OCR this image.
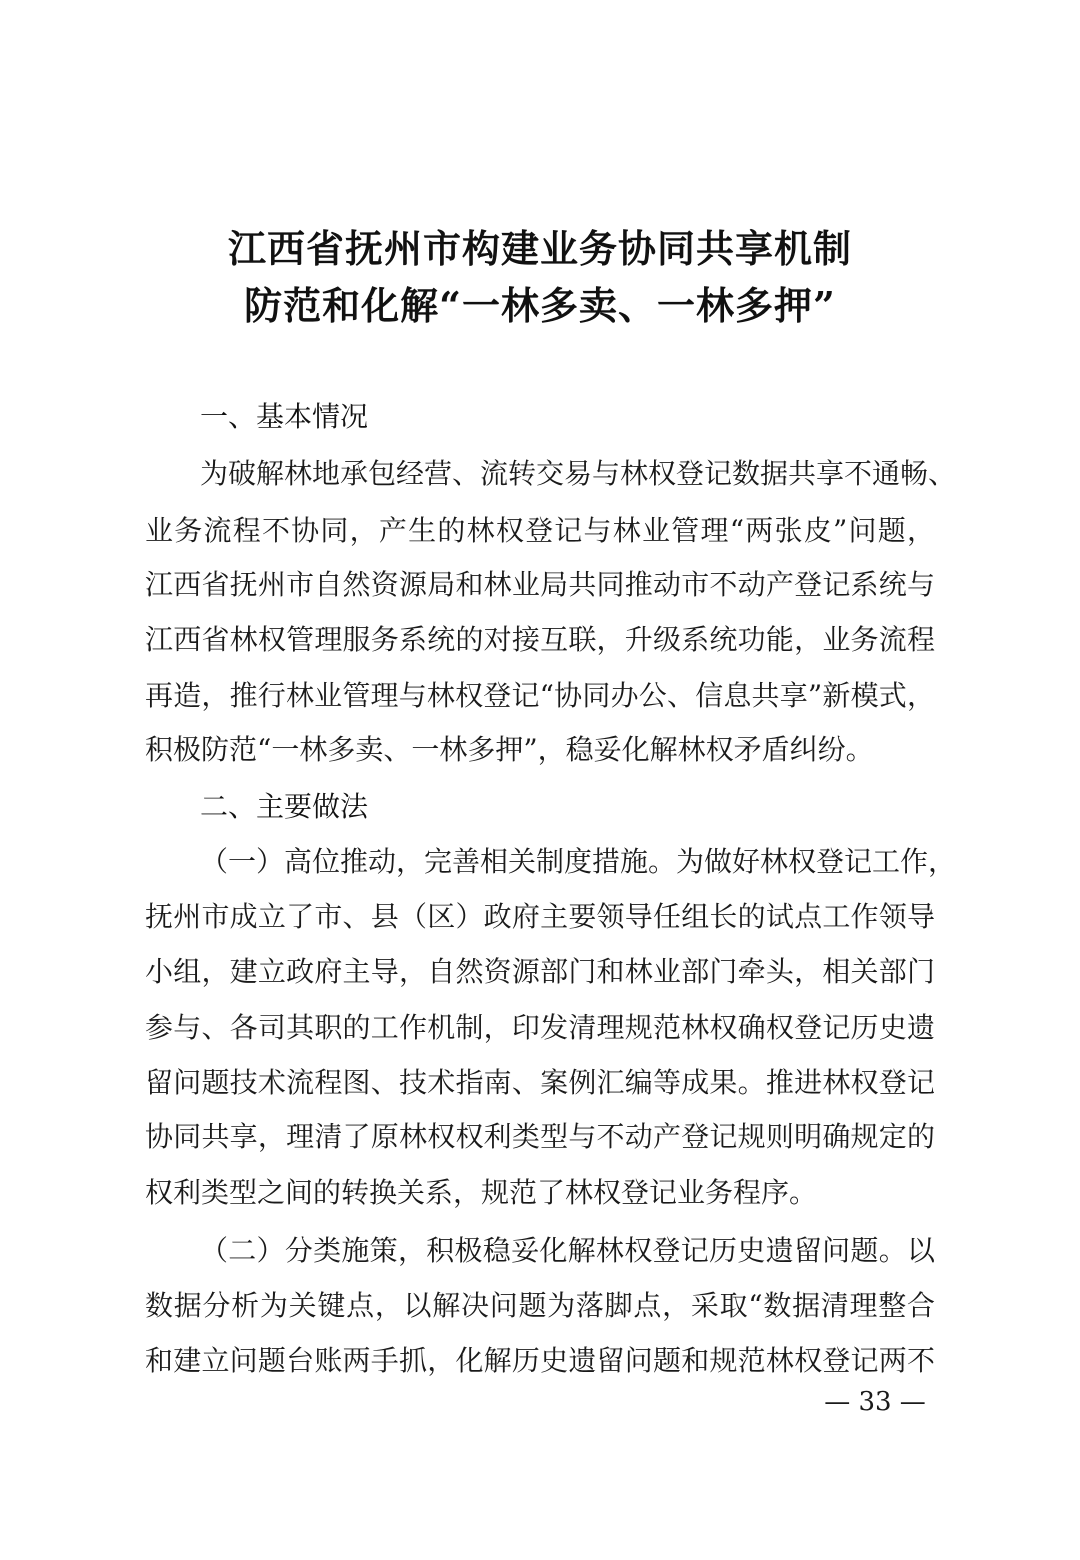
江西省抚州市构建业务协同共享机制
防范和化解“一林多卖、一林多押”
一、基本情况
为破解林地承包经营、流转交易与林权登记数据共享不通畅、
业务流程不协同，产生的林权登记与林业管理“两张皮”问题，
江西省抚州市自然资源局和林业局共同推动市不动产登记系统与
江西省林权管理服务系统的对接互联，升级系统功能，业务流程
再造，推行林业管理与林权登记“协同办公、信息共享”新模式，
积极防范“一林多卖、一林多押”，稳妥化解林权矛盾纠纷。
二、主要做法
（一）高位推动，完善相关制度措施。为做好林权登记工作，
抚州市成立了市、县（区）政府主要领导任组长的试点工作领导
小组，建立政府主导，自然资源部门和林业部门牵头，相关部门
参与、各司其职的工作机制，印发清理规范林权确权登记历史遗
留问题技术流程图、技术指南、案例汇编等成果。推进林权登记
协同共享，理清了原林权权利类型与不动产登记规则明确规定的
权利类型之间的转换关系，规范了林权登记业务程序。
（二）分类施策，积极稳妥化解林权登记历史遗留问题。以
数据分析为关键点，以解决问题为落脚点，采取“数据清理整合
和建立问题台账两手抓，化解历史遗留问题和规范林权登记两不
— 33 —
